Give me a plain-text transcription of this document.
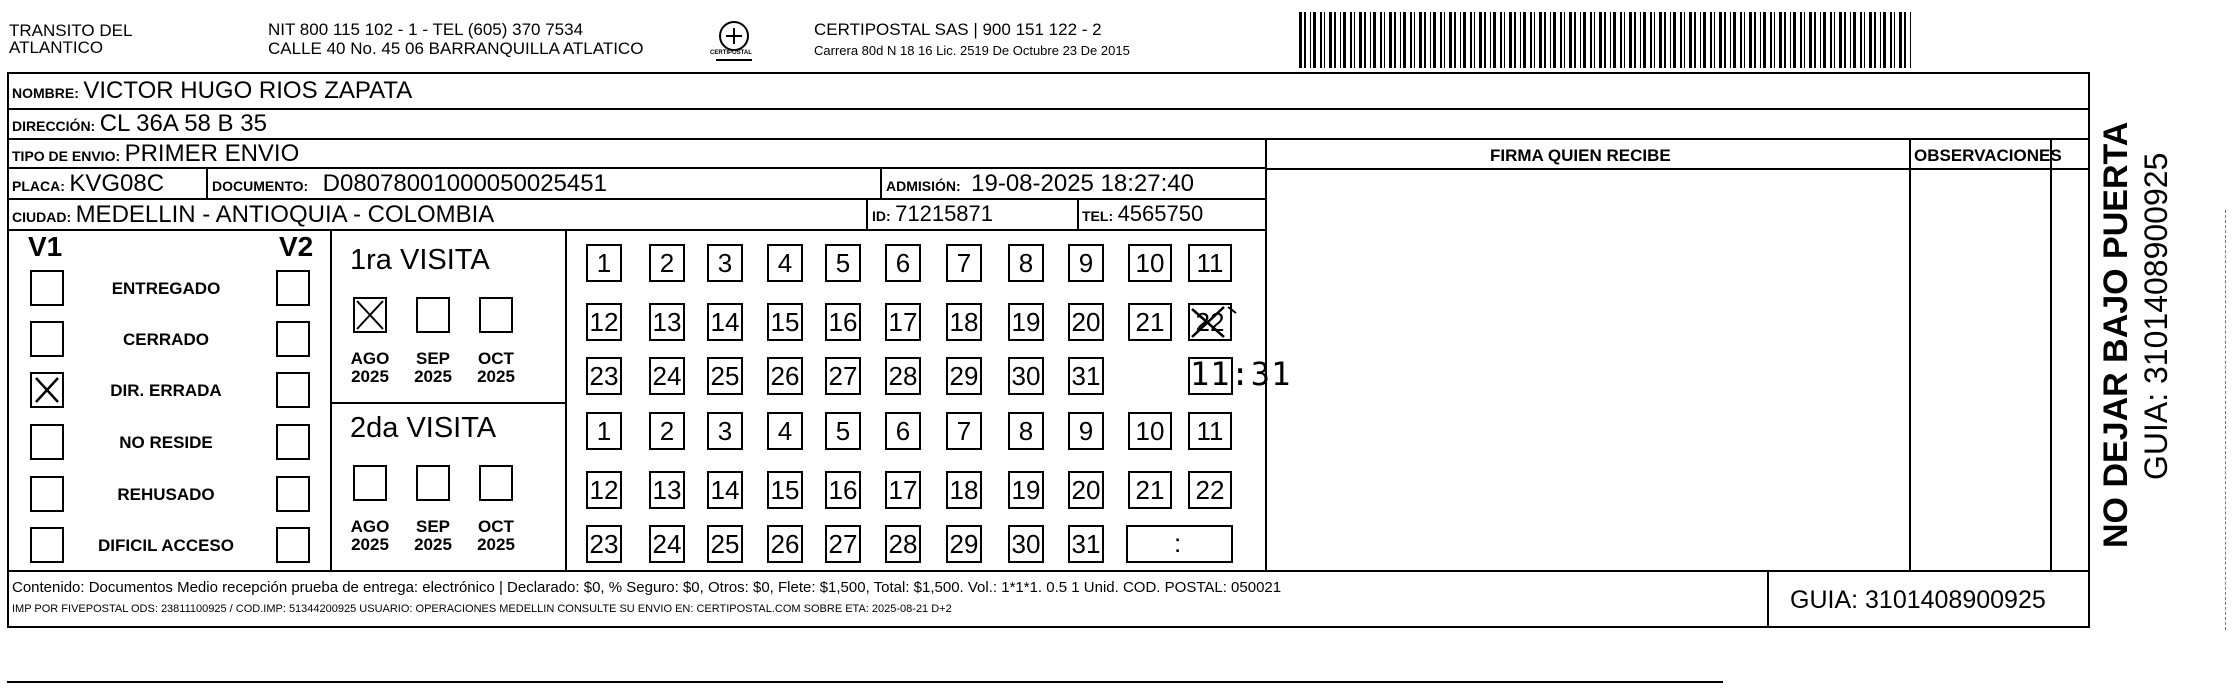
TRANSITO DEL
ATLANTICO
NIT 800 115 102 - 1 - TEL (605) 370 7534
CALLE 40 No. 45 06 BARRANQUILLA ATLATICO	CERTIPOSTAL
CERTIPOSTAL SAS | 900 151 122 - 2
Carrera 80d N 18 16 Lic. 2519 De Octubre 23 De 2015
NOMBRE: VICTOR HUGO RIOS ZAPATA
DIRECCIÓN: CL 36A 58 B 35
TIPO DE ENVIO: PRIMER ENVIO	FIRMA QUIEN RECIBE	OBSERVACIONES
PLACA: KVG08C	DOCUMENTO: D08078001000050025451	ADMISIÓN: 19-08-2025 18:27:40
CIUDAD: MEDELLIN - ANTIOQUIA - COLOMBIA	ID: 71215871	TEL: 4565750
V1	V2
ENTREGADO
CERRADO
DIR. ERRADA
NO RESIDE
REHUSADO
DIFICIL ACCESO
1ra VISITA
2da VISITA
AGO
2025
SEP
2025
OCT
2025
AGO
2025
SEP
2025
OCT
2025
1	2	3	4	5	6	7	8	9	10	11
12 13 14 15 16 17 18 19 20 21 22
23 24 25 26 27 28 29 30 31
1	2	3	4	5	6	7	8	9	10	11
12 13 14 15 16 17 18 19 20 21 22
23 24 25 26 27 28 29 30 31
11:31
:
Contenido: Documentos Medio recepción prueba de entrega: electrónico | Declarado: $0, % Seguro: $0, Otros: $0, Flete: $1,500, Total: $1,500. Vol.: 1*1*1. 0.5 1 Unid. COD. POSTAL: 050021
IMP POR FIVEPOSTAL ODS: 23811100925 / COD.IMP: 51344200925 USUARIO: OPERACIONES MEDELLIN CONSULTE SU ENVIO EN: CERTIPOSTAL.COM SOBRE ETA: 2025-08-21 D+2	GUIA: 3101408900925
NO DEJAR BAJO PUERTA GUIA: 3101408900925
